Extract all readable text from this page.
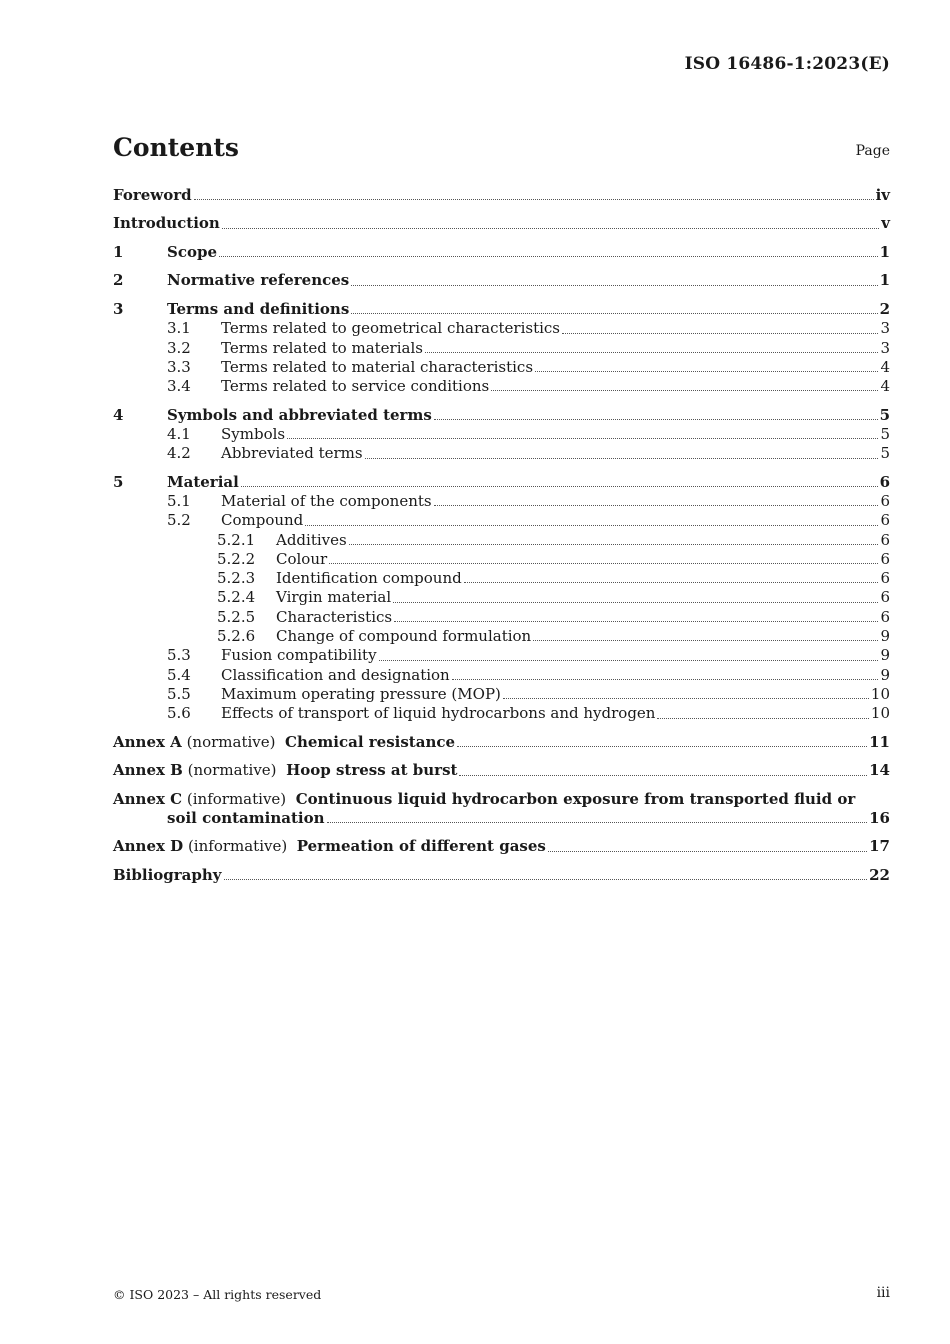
ISO 16486-1:2023(E)
Contents	Page
Foreword	iv
Introduction	v
1	Scope	1
2	Normative references	1
3	Terms and definitions	2
3.1	Terms related to geometrical characteristics	3
3.2	Terms related to materials	3
3.3	Terms related to material characteristics	4
3.4	Terms related to service conditions	4
4	Symbols and abbreviated terms	5
4.1	Symbols	5
4.2	Abbreviated terms	5
5	Material	6
5.1	Material of the components	6
5.2	Compound	6
5.2.1	Additives	6
5.2.2	Colour	6
5.2.3	Identification compound	6
5.2.4	Virgin material	6
5.2.5	Characteristics	6
5.2.6	Change of compound formulation	9
5.3	Fusion compatibility	9
5.4	Classification and designation	9
5.5	Maximum operating pressure (MOP)	10
5.6	Effects of transport of liquid hydrocarbons and hydrogen	10
Annex A (normative) Chemical resistance	11
Annex B (normative) Hoop stress at burst	14
Annex C (informative) Continuous liquid hydrocarbon exposure from transported fluid or
soil contamination	16
Annex D (informative) Permeation of different gases	17
Bibliography	22
© ISO 2023 – All rights reserved	iii
